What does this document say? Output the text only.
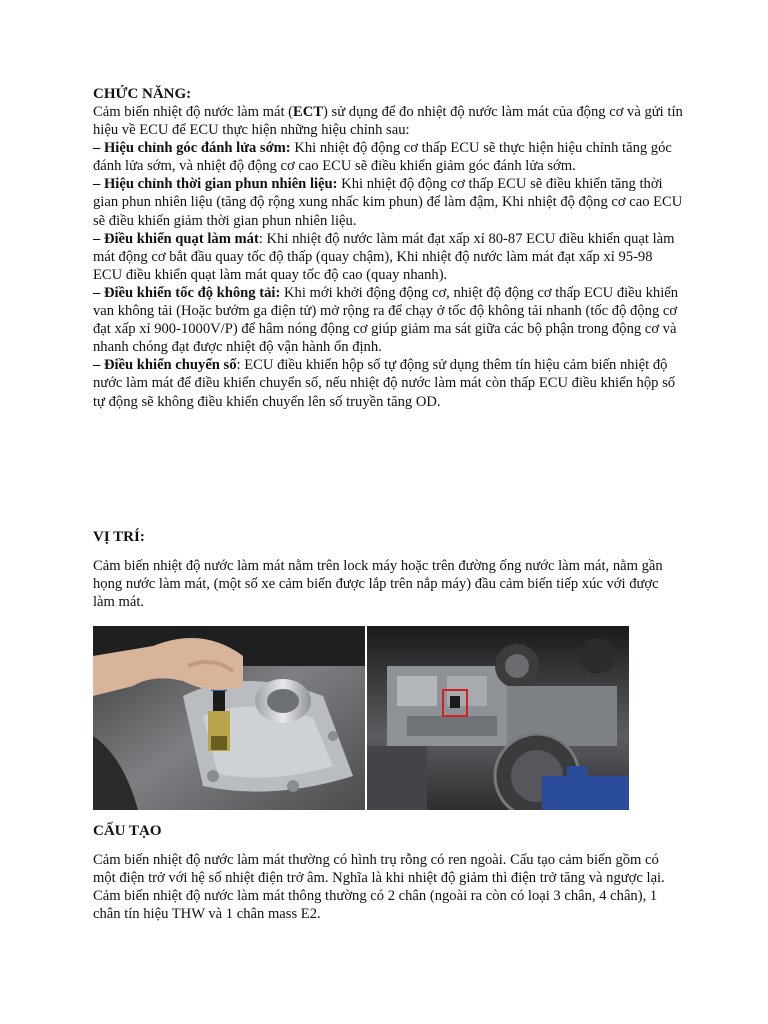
CHỨC NĂNG:

Cảm biến nhiệt độ nước làm mát (ECT) sử dụng để đo nhiệt độ nước làm mát của động cơ và gửi tín hiệu về ECU để ECU thực hiện những hiệu chỉnh sau:

– Hiệu chỉnh góc đánh lửa sớm: Khi nhiệt độ động cơ thấp ECU sẽ thực hiện hiệu chỉnh tăng góc đánh lửa sớm, và nhiệt độ động cơ cao ECU sẽ điều khiển giảm góc đánh lửa sớm.

– Hiệu chỉnh thời gian phun nhiên liệu: Khi nhiệt độ động cơ thấp ECU sẽ điều khiển tăng thời gian phun nhiên liệu (tăng độ rộng xung nhấc kim phun) để làm đậm, Khi nhiệt độ động cơ cao ECU sẽ điều khiển giảm thời gian phun nhiên liệu.

– Điều khiển quạt làm mát: Khi nhiệt độ nước làm mát đạt xấp xỉ 80-87 ECU điều khiển quạt làm mát động cơ bắt đầu quay tốc độ thấp (quay chậm), Khi nhiệt độ nước làm mát đạt xấp xỉ 95-98 ECU điều khiển quạt làm mát quay tốc độ cao (quay nhanh).

– Điều khiển tốc độ không tải: Khi mới khởi động động cơ, nhiệt độ động cơ thấp ECU điều khiển van không tải (Hoặc bướm ga điện tử) mở rộng ra để chạy ở tốc độ không tải nhanh (tốc độ động cơ đạt xấp xỉ 900-1000V/P) để hâm nóng động cơ giúp giảm ma sát giữa các bộ phận trong động cơ và nhanh chóng đạt được nhiệt độ vận hành ổn định.

– Điều khiển chuyển số: ECU điều khiển hộp số tự động sử dụng thêm tín hiệu cảm biến nhiệt độ nước làm mát để điều khiển chuyển số, nếu nhiệt độ nước làm mát còn thấp ECU điều khiển hộp số tự động sẽ không điều khiển chuyển lên số truyền tăng OD.

VỊ TRÍ:

Cảm biến nhiệt độ nước làm mát nằm trên lock máy hoặc trên đường ống nước làm mát, nằm gần họng nước làm mát, (một số xe cảm biến được lắp trên nắp máy) đầu cảm biến tiếp xúc với được làm mát.

CẤU TẠO

Cảm biến nhiệt độ nước làm mát thường có hình trụ rỗng có ren ngoài. Cấu tạo cảm biến gồm có một điện trở với hệ số nhiệt điện trở âm. Nghĩa là khi nhiệt độ giảm thì điện trở tăng và ngược lại. Cảm biến nhiệt độ nước làm mát thông thường có 2 chân (ngoài ra còn có loại 3 chân, 4 chân), 1 chân tín hiệu THW và 1 chân mass E2.
